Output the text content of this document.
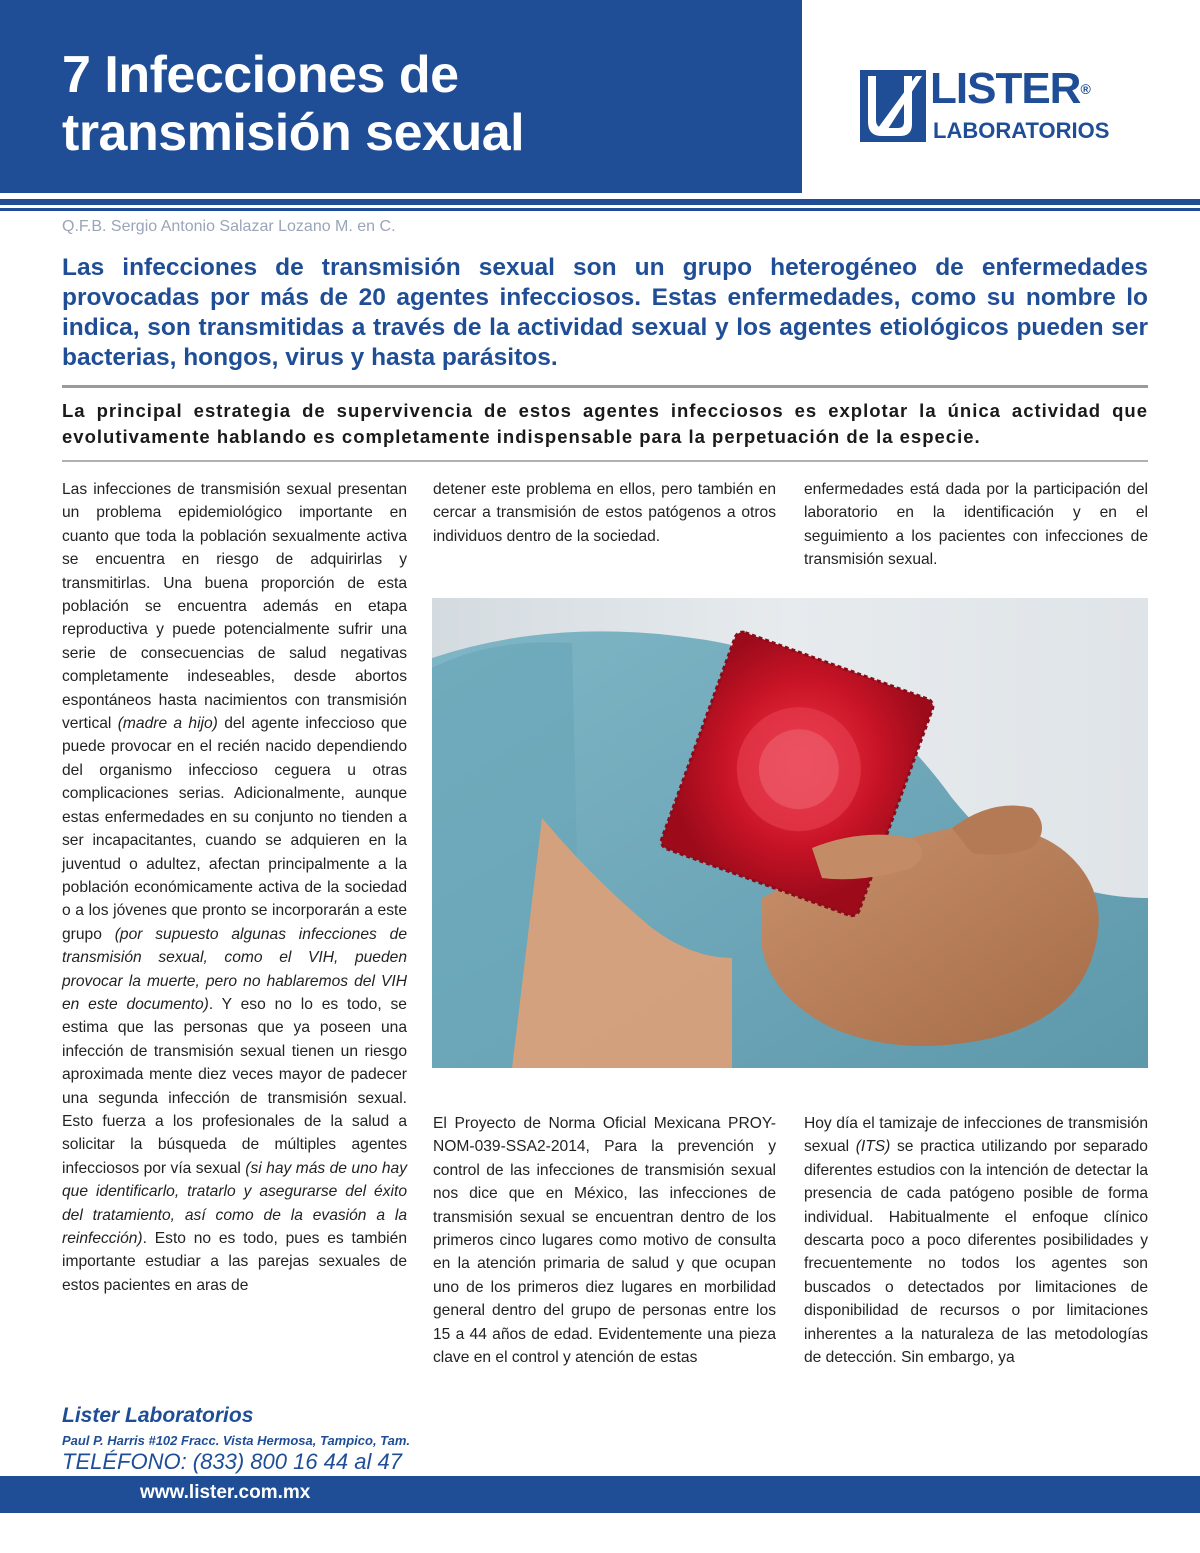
7 Infecciones de
transmisión sexual
LISTER®
LABORATORIOS
Q.F.B. Sergio Antonio Salazar Lozano M. en C.

Las infecciones de transmisión sexual son un grupo heterogéneo de enfermedades provocadas por más de 20 agentes infecciosos. Estas enfermedades, como su nombre lo indica, son transmitidas a través de la actividad sexual y los agentes etiológicos pueden ser bacterias, hongos, virus y hasta parásitos.

La principal estrategia de supervivencia de estos agentes infecciosos es explotar la única actividad que evolutivamente hablando es completamente indispensable para la perpetuación de la especie.

Las infecciones de transmisión sexual presentan un problema epidemiológico importante en cuanto que toda la población sexualmente activa se encuentra en riesgo de adquirirlas y transmitirlas. Una buena proporción de esta población se encuentra además en etapa reproductiva y puede potencialmente sufrir una serie de consecuencias de salud negativas completamente indeseables, desde abortos espontáneos hasta nacimientos con transmisión vertical (madre a hijo) del agente infeccioso que puede provocar en el recién nacido dependiendo del organismo infeccioso ceguera u otras complicaciones serias. Adicionalmente, aunque estas enfermedades en su conjunto no tienden a ser incapacitantes, cuando se adquieren en la juventud o adultez, afectan principalmente a la población económicamente activa de la sociedad o a los jóvenes que pronto se incorporarán a este grupo (por supuesto algunas infecciones de transmisión sexual, como el VIH, pueden provocar la muerte, pero no hablaremos del VIH en este documento). Y eso no lo es todo, se estima que las personas que ya poseen una infección de transmisión sexual tienen un riesgo aproximada mente diez veces mayor de padecer una segunda infección de transmisión sexual. Esto fuerza a los profesionales de la salud a solicitar la búsqueda de múltiples agentes infecciosos por vía sexual (si hay más de uno hay que identificarlo, tratarlo y asegurarse del éxito del tratamiento, así como de la evasión a la reinfección). Esto no es todo, pues es también importante estudiar a las parejas sexuales de estos pacientes en aras de

detener este problema en ellos, pero también en cercar a transmisión de estos patógenos a otros individuos dentro de la sociedad.

enfermedades está dada por la participación del laboratorio en la identificación y en el seguimiento a los pacientes con infecciones de transmisión sexual.

El Proyecto de Norma Oficial Mexicana PROY-NOM-039-SSA2-2014, Para la prevención y control de las infecciones de transmisión sexual nos dice que en México, las infecciones de transmisión sexual se encuentran dentro de los primeros cinco lugares como motivo de consulta en la atención primaria de salud y que ocupan uno de los primeros diez lugares en morbilidad general dentro del grupo de personas entre los 15 a 44 años de edad. Evidentemente una pieza clave en el control y atención de estas

Hoy día el tamizaje de infecciones de transmisión sexual (ITS) se practica utilizando por separado diferentes estudios con la intención de detectar la presencia de cada patógeno posible de forma individual. Habitualmente el enfoque clínico descarta poco a poco diferentes posibilidades y frecuentemente no todos los agentes son buscados o detectados por limitaciones de disponibilidad de recursos o por limitaciones inherentes a la naturaleza de las metodologías de detección. Sin embargo, ya

Lister Laboratorios
Paul P. Harris #102 Fracc. Vista Hermosa, Tampico, Tam.
TELÉFONO: (833) 800 16 44 al 47
www.lister.com.mx
